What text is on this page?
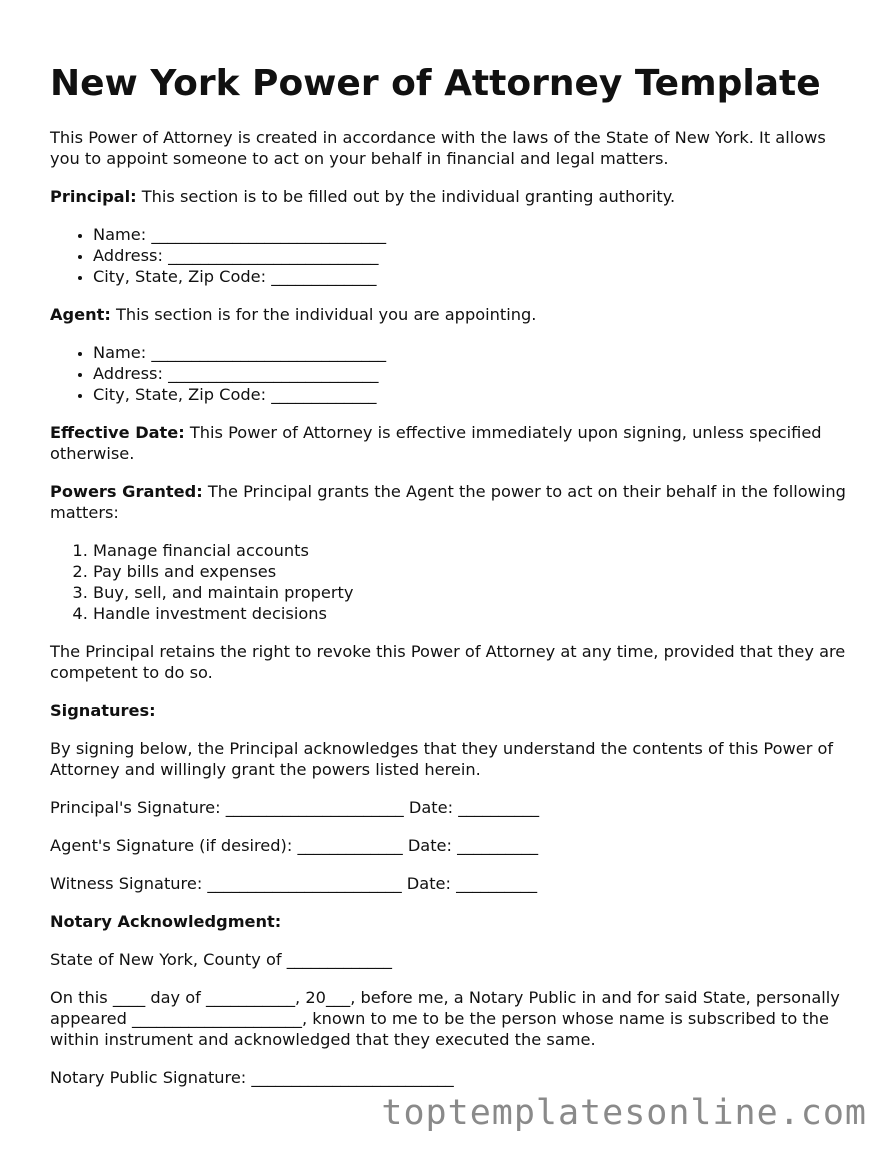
New York Power of Attorney Template

This Power of Attorney is created in accordance with the laws of the State of New York. It allows you to appoint someone to act on your behalf in financial and legal matters.

Principal: This section is to be filled out by the individual granting authority.

• Name: _____________________________
• Address: __________________________
• City, State, Zip Code: _____________

Agent: This section is for the individual you are appointing.

• Name: _____________________________
• Address: __________________________
• City, State, Zip Code: _____________

Effective Date: This Power of Attorney is effective immediately upon signing, unless specified otherwise.

Powers Granted: The Principal grants the Agent the power to act on their behalf in the following matters:

1. Manage financial accounts
2. Pay bills and expenses
3. Buy, sell, and maintain property
4. Handle investment decisions

The Principal retains the right to revoke this Power of Attorney at any time, provided that they are competent to do so.

Signatures:

By signing below, the Principal acknowledges that they understand the contents of this Power of Attorney and willingly grant the powers listed herein.

Principal's Signature: ______________________ Date: __________

Agent's Signature (if desired): _____________ Date: __________

Witness Signature: ________________________ Date: __________

Notary Acknowledgment:

State of New York, County of _____________

On this ____ day of ___________, 20___, before me, a Notary Public in and for said State, personally appeared _____________________, known to me to be the person whose name is subscribed to the within instrument and acknowledged that they executed the same.

Notary Public Signature: _________________________

toptemplatesonline.com
